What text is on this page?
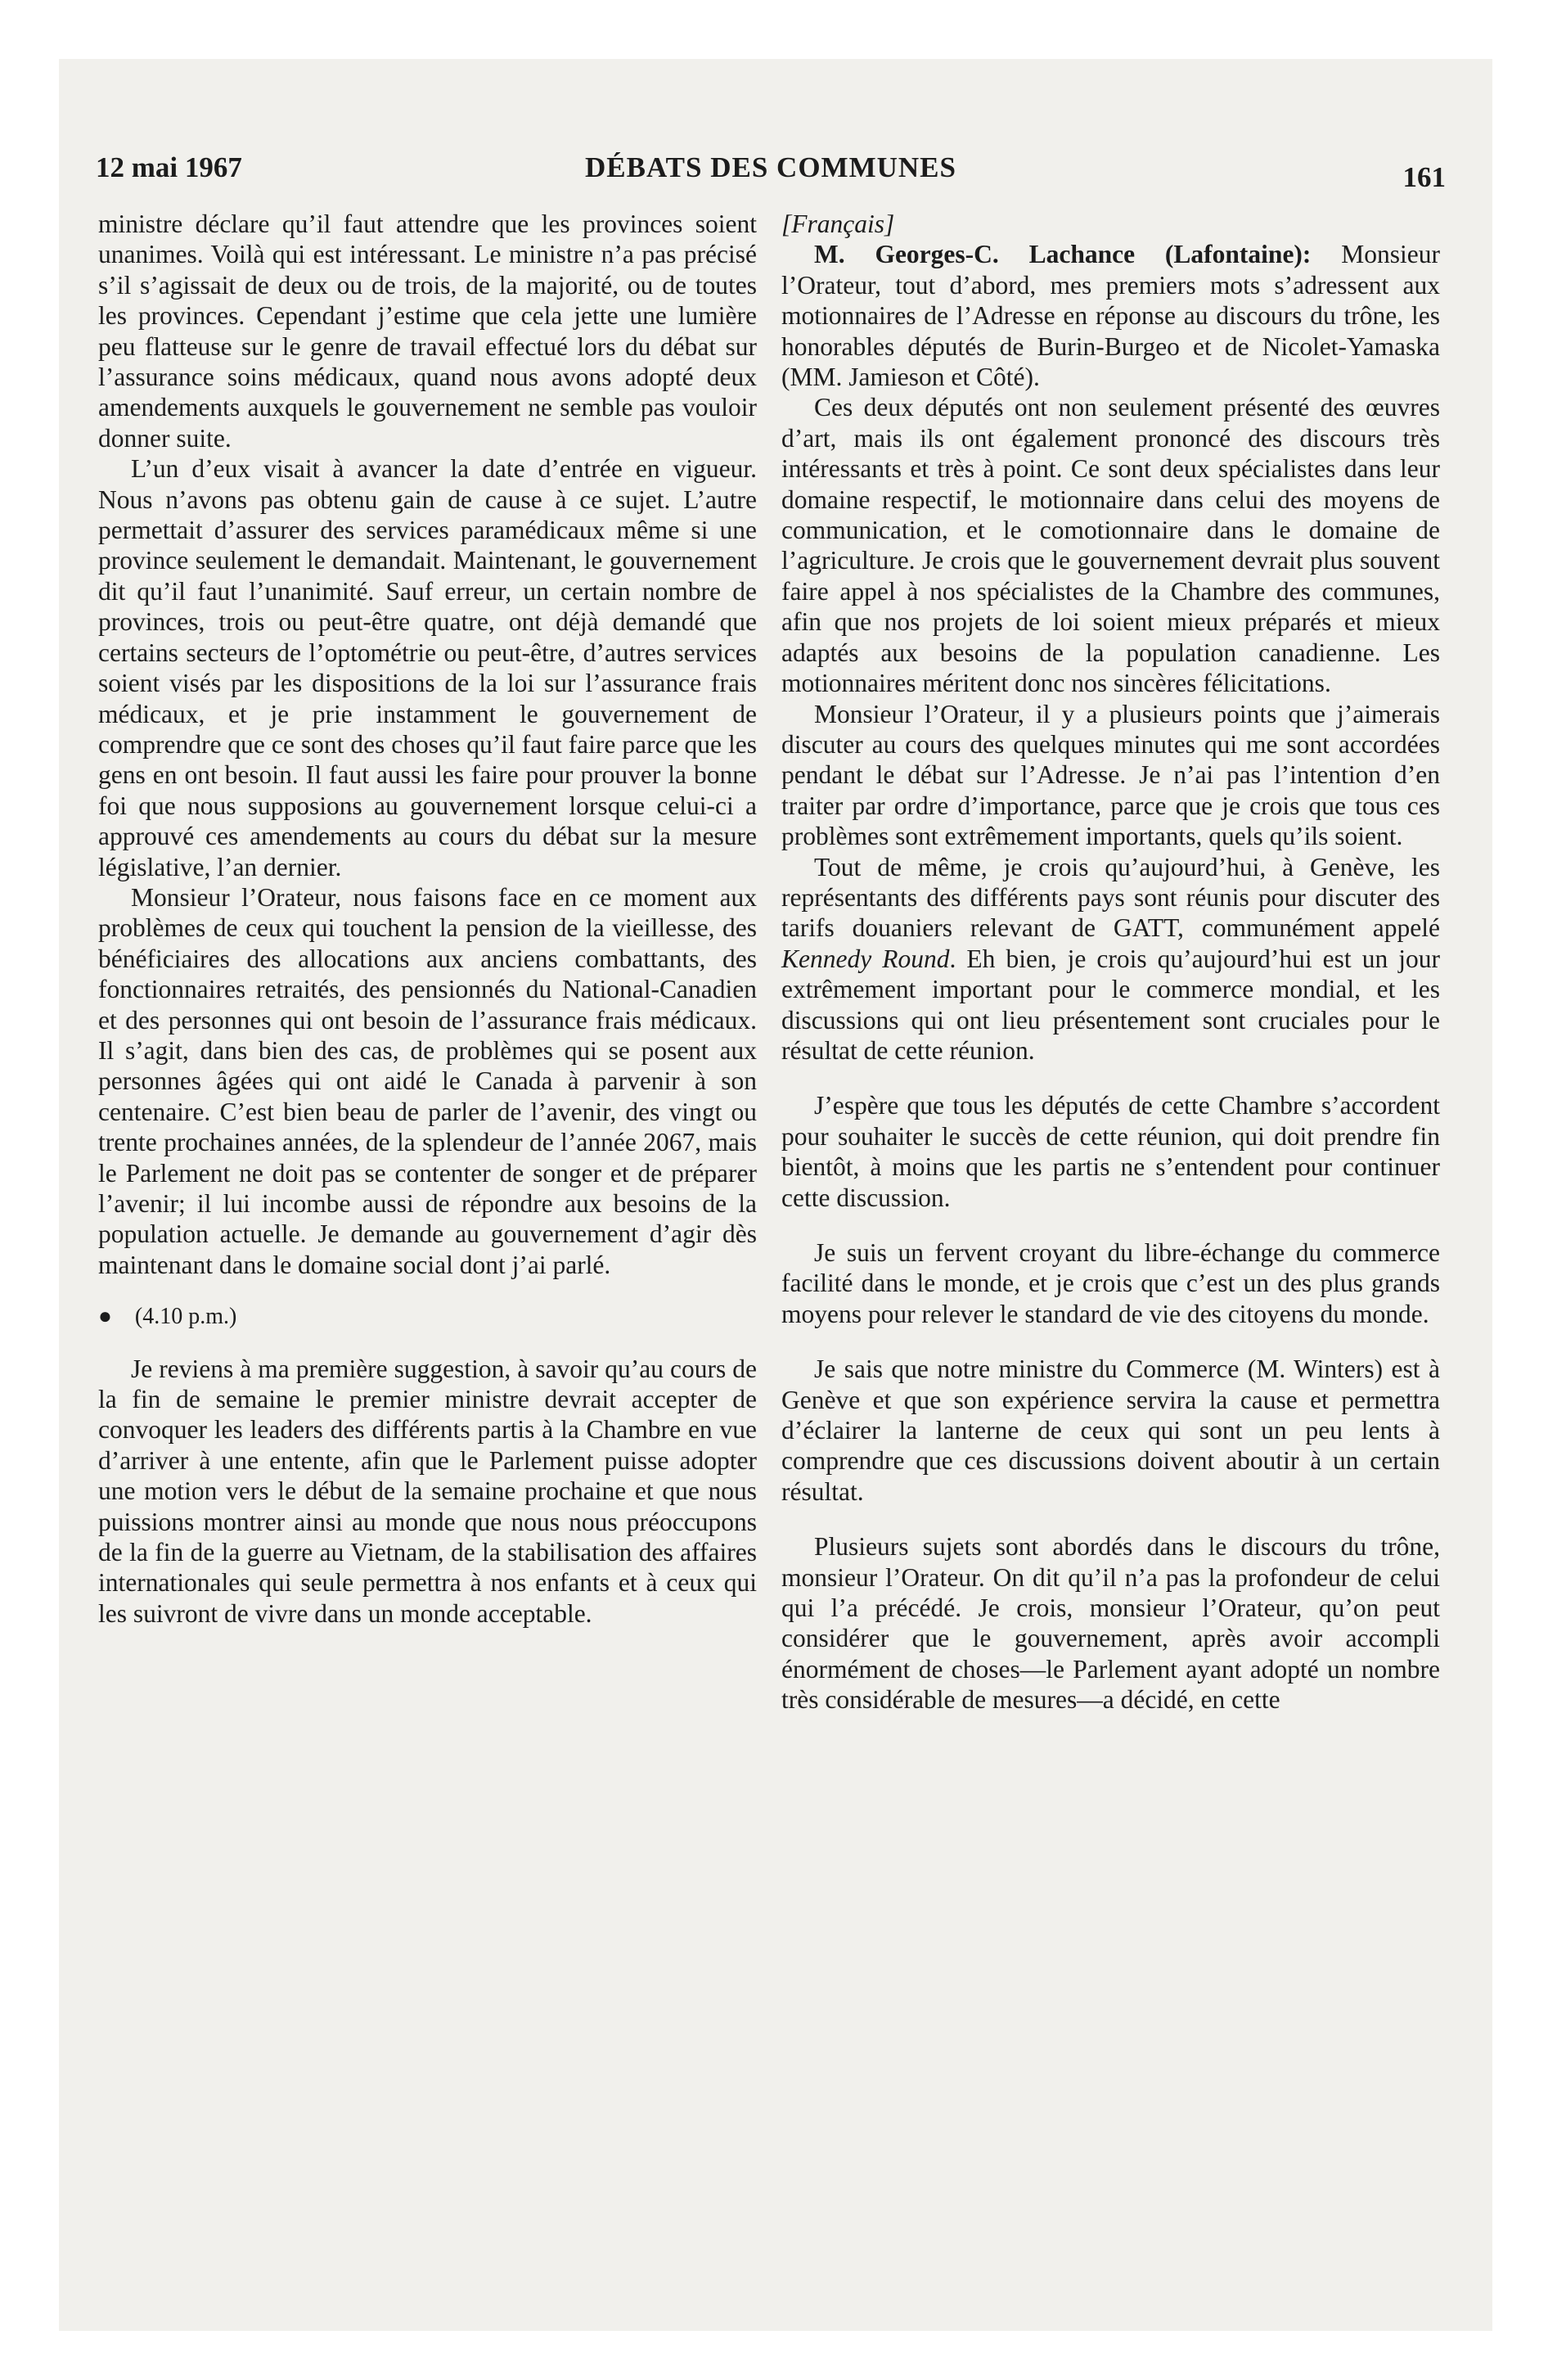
12 mai 1967	DÉBATS DES COMMUNES	161

ministre déclare qu’il faut attendre que les provinces soient unanimes. Voilà qui est intéressant. Le ministre n’a pas précisé s’il s’agissait de deux ou de trois, de la majorité, ou de toutes les provinces. Cependant j’estime que cela jette une lumière peu flatteuse sur le genre de travail effectué lors du débat sur l’assurance soins médicaux, quand nous avons adopté deux amendements auxquels le gouvernement ne semble pas vouloir donner suite.

L’un d’eux visait à avancer la date d’entrée en vigueur. Nous n’avons pas obtenu gain de cause à ce sujet. L’autre permettait d’assurer des services paramédicaux même si une province seulement le demandait. Maintenant, le gouvernement dit qu’il faut l’unanimité. Sauf erreur, un certain nombre de provinces, trois ou peut-être quatre, ont déjà demandé que certains secteurs de l’optométrie ou peut-être, d’autres services soient visés par les dispositions de la loi sur l’assurance frais médicaux, et je prie instamment le gouvernement de comprendre que ce sont des choses qu’il faut faire parce que les gens en ont besoin. Il faut aussi les faire pour prouver la bonne foi que nous supposions au gouvernement lorsque celui-ci a approuvé ces amendements au cours du débat sur la mesure législative, l’an dernier.

Monsieur l’Orateur, nous faisons face en ce moment aux problèmes de ceux qui touchent la pension de la vieillesse, des bénéficiaires des allocations aux anciens combattants, des fonctionnaires retraités, des pensionnés du National-Canadien et des personnes qui ont besoin de l’assurance frais médicaux. Il s’agit, dans bien des cas, de problèmes qui se posent aux personnes âgées qui ont aidé le Canada à parvenir à son centenaire. C’est bien beau de parler de l’avenir, des vingt ou trente prochaines années, de la splendeur de l’année 2067, mais le Parlement ne doit pas se contenter de songer et de préparer l’avenir; il lui incombe aussi de répondre aux besoins de la population actuelle. Je demande au gouvernement d’agir dès maintenant dans le domaine social dont j’ai parlé.

● (4.10 p.m.)

Je reviens à ma première suggestion, à savoir qu’au cours de la fin de semaine le premier ministre devrait accepter de convoquer les leaders des différents partis à la Chambre en vue d’arriver à une entente, afin que le Parlement puisse adopter une motion vers le début de la semaine prochaine et que nous puissions montrer ainsi au monde que nous nous préoccupons de la fin de la guerre au Vietnam, de la stabilisation des affaires internationales qui seule permettra à nos enfants et à ceux qui les suivront de vivre dans un monde acceptable.

[Français]

M. Georges-C. Lachance (Lafontaine): Monsieur l’Orateur, tout d’abord, mes premiers mots s’adressent aux motionnaires de l’Adresse en réponse au discours du trône, les honorables députés de Burin-Burgeo et de Nicolet-Yamaska (MM. Jamieson et Côté).

Ces deux députés ont non seulement présenté des œuvres d’art, mais ils ont également prononcé des discours très intéressants et très à point. Ce sont deux spécialistes dans leur domaine respectif, le motionnaire dans celui des moyens de communication, et le comotionnaire dans le domaine de l’agriculture. Je crois que le gouvernement devrait plus souvent faire appel à nos spécialistes de la Chambre des communes, afin que nos projets de loi soient mieux préparés et mieux adaptés aux besoins de la population canadienne. Les motionnaires méritent donc nos sincères félicitations.

Monsieur l’Orateur, il y a plusieurs points que j’aimerais discuter au cours des quelques minutes qui me sont accordées pendant le débat sur l’Adresse. Je n’ai pas l’intention d’en traiter par ordre d’importance, parce que je crois que tous ces problèmes sont extrêmement importants, quels qu’ils soient.

Tout de même, je crois qu’aujourd’hui, à Genève, les représentants des différents pays sont réunis pour discuter des tarifs douaniers relevant de GATT, communément appelé Kennedy Round. Eh bien, je crois qu’aujourd’hui est un jour extrêmement important pour le commerce mondial, et les discussions qui ont lieu présentement sont cruciales pour le résultat de cette réunion.

J’espère que tous les députés de cette Chambre s’accordent pour souhaiter le succès de cette réunion, qui doit prendre fin bientôt, à moins que les partis ne s’entendent pour continuer cette discussion.

Je suis un fervent croyant du libre-échange du commerce facilité dans le monde, et je crois que c’est un des plus grands moyens pour relever le standard de vie des citoyens du monde.

Je sais que notre ministre du Commerce (M. Winters) est à Genève et que son expérience servira la cause et permettra d’éclairer la lanterne de ceux qui sont un peu lents à comprendre que ces discussions doivent aboutir à un certain résultat.

Plusieurs sujets sont abordés dans le discours du trône, monsieur l’Orateur. On dit qu’il n’a pas la profondeur de celui qui l’a précédé. Je crois, monsieur l’Orateur, qu’on peut considérer que le gouvernement, après avoir accompli énormément de choses—le Parlement ayant adopté un nombre très considérable de mesures—a décidé, en cette
